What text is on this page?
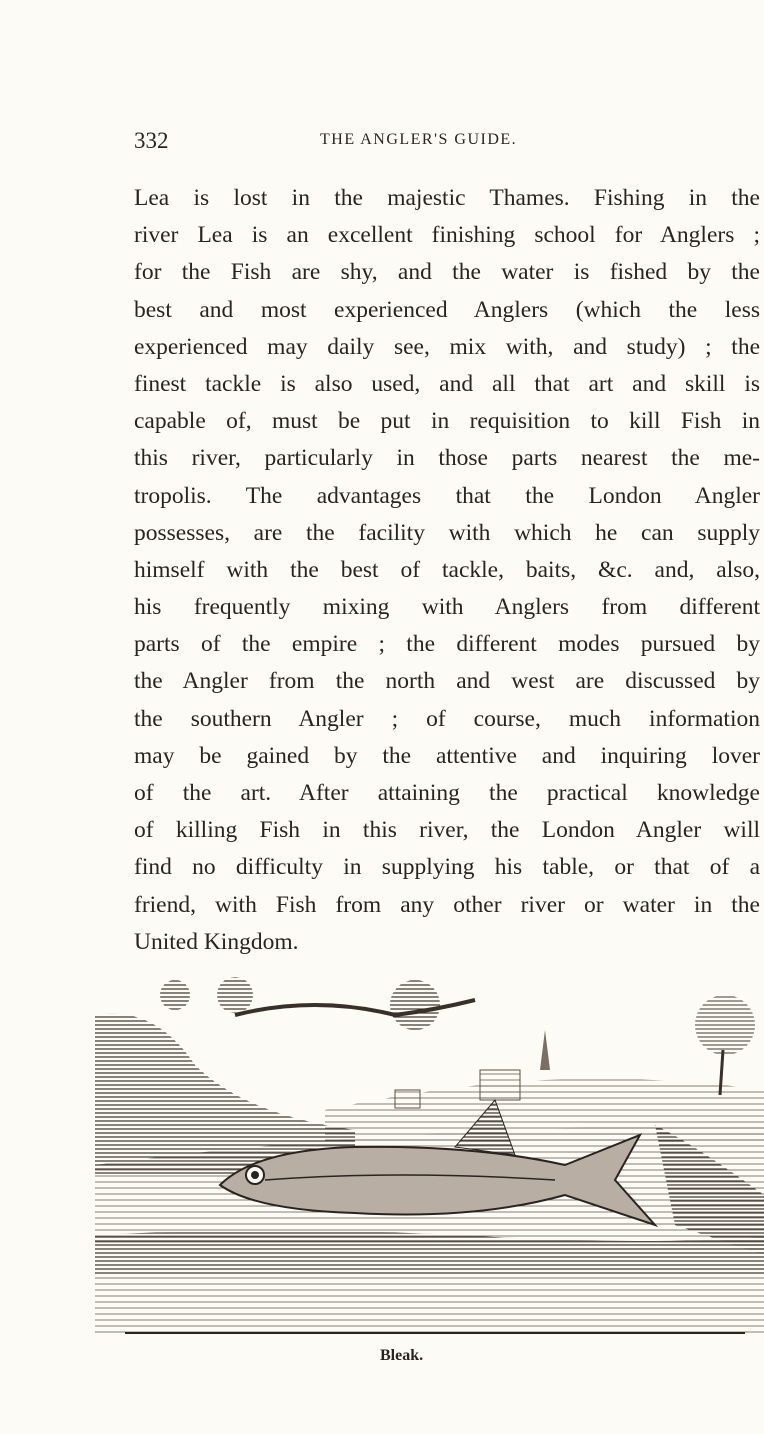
332	THE ANGLER'S GUIDE.
Lea is lost in the majestic Thames. Fishing in the
river Lea is an excellent finishing school for Anglers ;
for the Fish are shy, and the water is fished by the
best and most experienced Anglers (which the less
experienced may daily see, mix with, and study) ; the
finest tackle is also used, and all that art and skill is
capable of, must be put in requisition to kill Fish in
this river, particularly in those parts nearest the me-
tropolis. The advantages that the London Angler
possesses, are the facility with which he can supply
himself with the best of tackle, baits, &c. and, also,
his frequently mixing with Anglers from different
parts of the empire ; the different modes pursued by
the Angler from the north and west are discussed by
the southern Angler ; of course, much information
may be gained by the attentive and inquiring lover
of the art. After attaining the practical knowledge
of killing Fish in this river, the London Angler will
find no difficulty in supplying his table, or that of a
friend, with Fish from any other river or water in the
United Kingdom.
Bleak.
